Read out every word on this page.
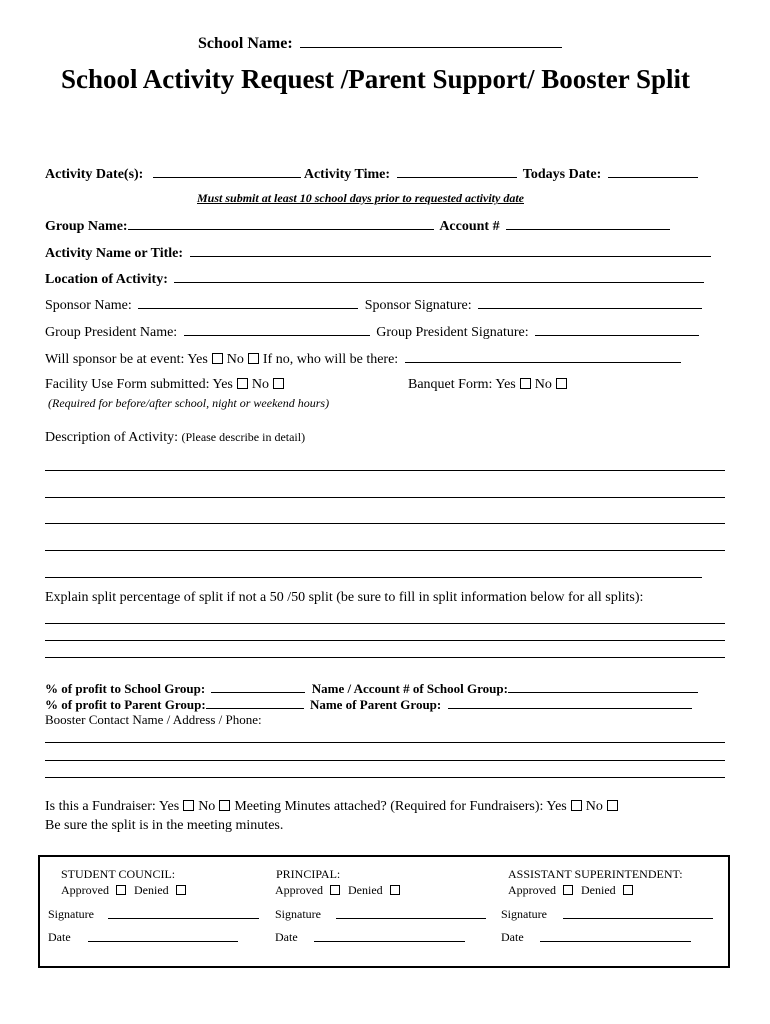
School Name:
School Activity Request /Parent Support/ Booster Split
Activity Date(s):	Activity Time:	Todays Date:
Must submit at least 10 school days prior to requested activity date
Group Name:	Account #
Activity Name or Title:
Location of Activity:
Sponsor Name:	Sponsor Signature:
Group President Name:	Group President Signature:
Will sponsor be at event: Yes No If no, who will be there:
Facility Use Form submitted: Yes No	Banquet Form: Yes No
(Required for before/after school, night or weekend hours)
Description of Activity: (Please describe in detail)
Explain split percentage of split if not a 50 /50 split (be sure to fill in split information below for all splits):
% of profit to School Group:	Name / Account # of School Group:
% of profit to Parent Group:	Name of Parent Group:
Booster Contact Name / Address / Phone:
Is this a Fundraiser: Yes No Meeting Minutes attached? (Required for Fundraisers): Yes No
Be sure the split is in the meeting minutes.
STUDENT COUNCIL:
Approved Denied
Signature
Date
PRINCIPAL:
Approved Denied
Signature
Date
ASSISTANT SUPERINTENDENT:
Approved Denied
Signature
Date
